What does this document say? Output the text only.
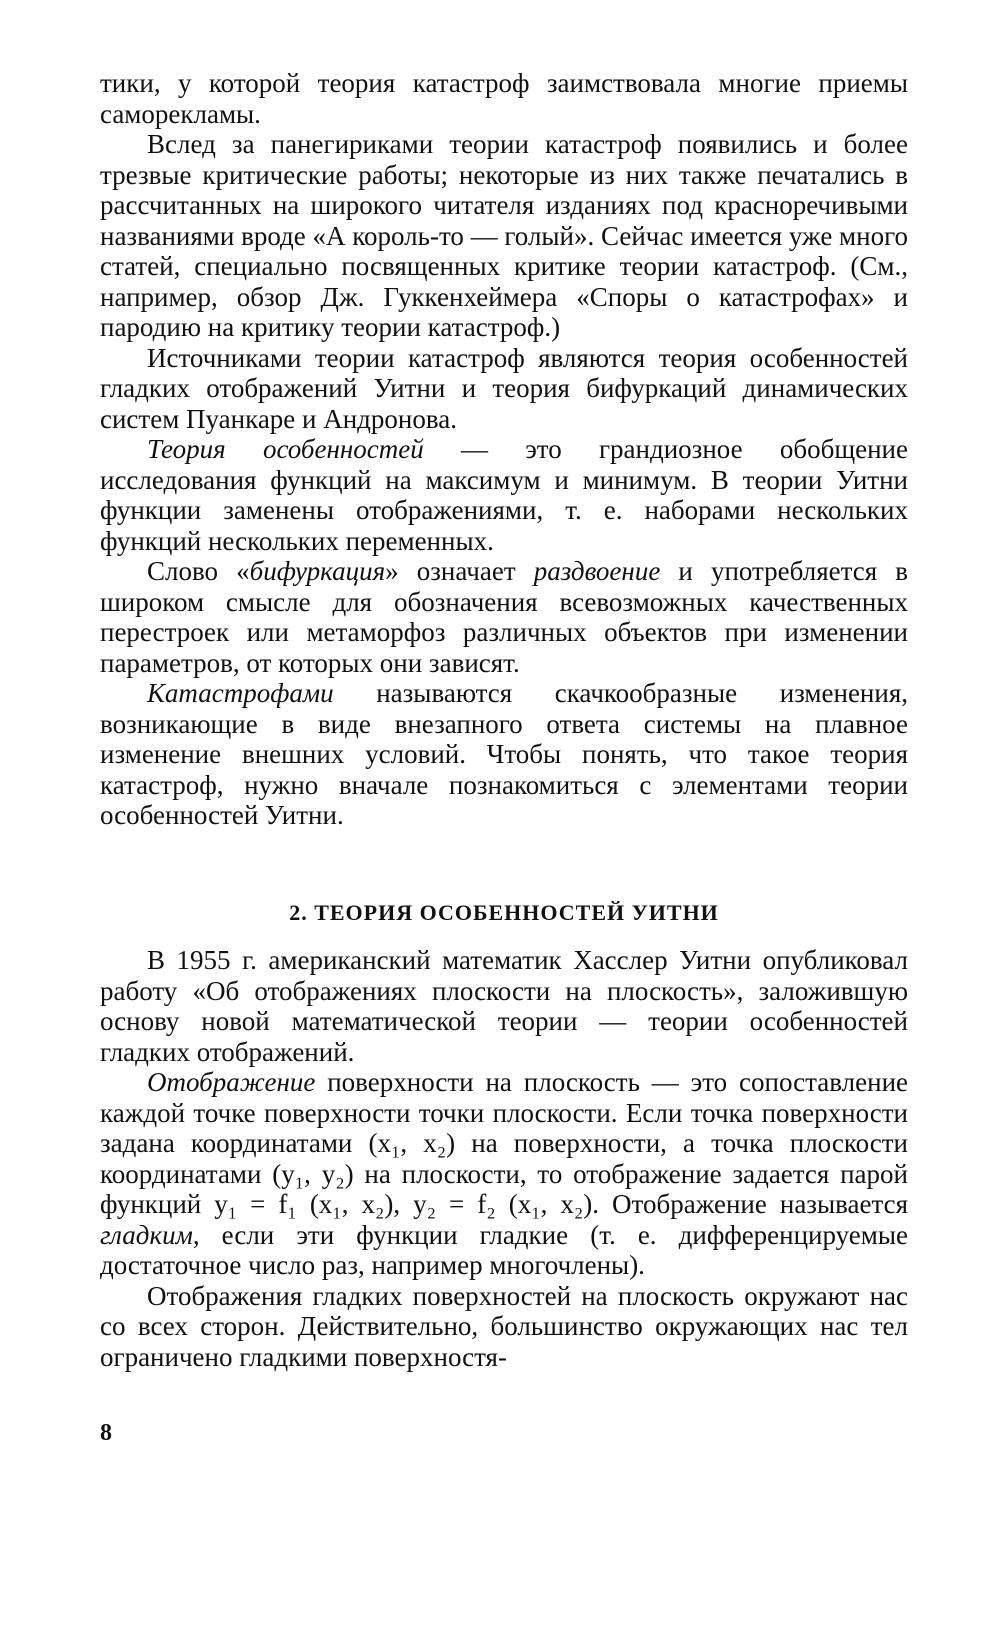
тики, у которой теория катастроф заимствовала многие приемы саморекламы.

Вслед за панегириками теории катастроф появились и более трезвые критические работы; некоторые из них также печатались в рассчитанных на широкого читателя изданиях под красноречивыми названиями вроде «А король-то — голый». Сейчас имеется уже много статей, специально посвященных критике теории катастроф. (См., например, обзор Дж. Гуккенхеймера «Споры о катастрофах» и пародию на критику теории катастроф.)

Источниками теории катастроф являются теория особенностей гладких отображений Уитни и теория бифуркаций динамических систем Пуанкаре и Андронова.

Теория особенностей — это грандиозное обобщение исследования функций на максимум и минимум. В теории Уитни функции заменены отображениями, т. е. наборами нескольких функций нескольких переменных.

Слово «бифуркация» означает раздвоение и употребляется в широком смысле для обозначения всевозможных качественных перестроек или метаморфоз различных объектов при изменении параметров, от которых они зависят.

Катастрофами называются скачкообразные изменения, возникающие в виде внезапного ответа системы на плавное изменение внешних условий. Чтобы понять, что такое теория катастроф, нужно вначале познакомиться с элементами теории особенностей Уитни.

2. ТЕОРИЯ ОСОБЕННОСТЕЙ УИТНИ

В 1955 г. американский математик Хасслер Уитни опубликовал работу «Об отображениях плоскости на плоскость», заложившую основу новой математической теории — теории особенностей гладких отображений.

Отображение поверхности на плоскость — это сопоставление каждой точке поверхности точки плоскости. Если точка поверхности задана координатами (x₁, x₂) на поверхности, а точка плоскости координатами (y₁, y₂) на плоскости, то отображение задается парой функций y₁ = f₁ (x₁, x₂), y₂ = f₂ (x₁, x₂). Отображение называется гладким, если эти функции гладкие (т. е. дифференцируемые достаточное число раз, например многочлены).

Отображения гладких поверхностей на плоскость окружают нас со всех сторон. Действительно, большинство окружающих нас тел ограничено гладкими поверхностя-

8
